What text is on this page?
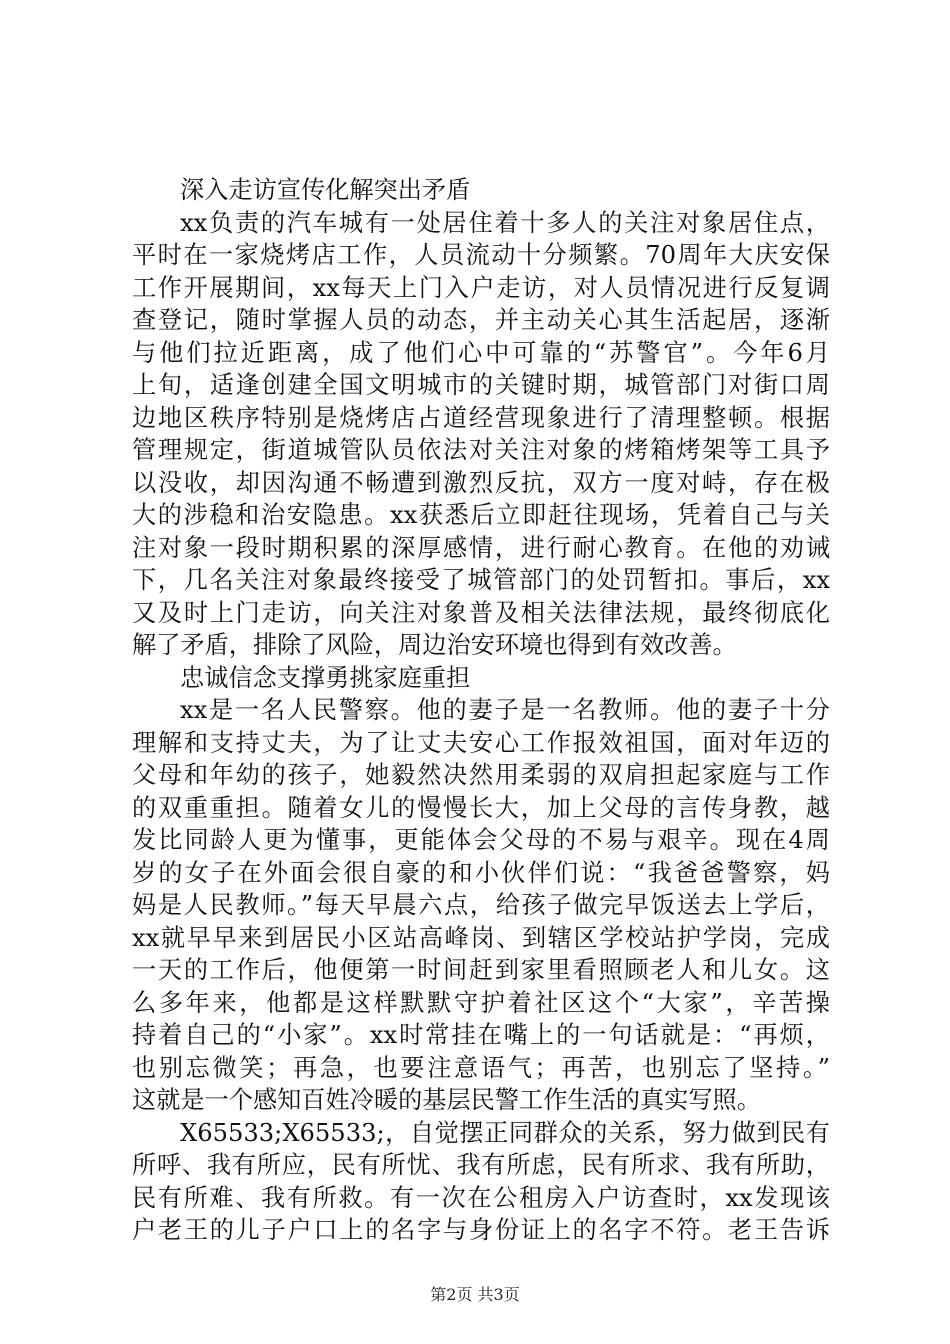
深入走访宣传化解突出矛盾
xx负责的汽车城有一处居住着十多人的关注对象居住点，
平时在一家烧烤店工作，人员流动十分频繁。70周年大庆安保
工作开展期间，xx每天上门入户走访，对人员情况进行反复调
查登记，随时掌握人员的动态，并主动关心其生活起居，逐渐
与他们拉近距离，成了他们心中可靠的“苏警官”。今年6月
上旬，适逢创建全国文明城市的关键时期，城管部门对街口周
边地区秩序特别是烧烤店占道经营现象进行了清理整顿。根据
管理规定，街道城管队员依法对关注对象的烤箱烤架等工具予
以没收，却因沟通不畅遭到激烈反抗，双方一度对峙，存在极
大的涉稳和治安隐患。xx获悉后立即赶往现场，凭着自己与关
注对象一段时期积累的深厚感情，进行耐心教育。在他的劝诫
下，几名关注对象最终接受了城管部门的处罚暂扣。事后，xx
又及时上门走访，向关注对象普及相关法律法规，最终彻底化
解了矛盾，排除了风险，周边治安环境也得到有效改善。
忠诚信念支撑勇挑家庭重担
xx是一名人民警察。他的妻子是一名教师。他的妻子十分
理解和支持丈夫，为了让丈夫安心工作报效祖国，面对年迈的
父母和年幼的孩子，她毅然决然用柔弱的双肩担起家庭与工作
的双重重担。随着女儿的慢慢长大，加上父母的言传身教，越
发比同龄人更为懂事，更能体会父母的不易与艰辛。现在4周
岁的女子在外面会很自豪的和小伙伴们说：“我爸爸警察，妈
妈是人民教师。”每天早晨六点，给孩子做完早饭送去上学后，
xx就早早来到居民小区站高峰岗、到辖区学校站护学岗，完成
一天的工作后，他便第一时间赶到家里看照顾老人和儿女。这
么多年来，他都是这样默默守护着社区这个“大家”，辛苦操
持着自己的“小家”。xx时常挂在嘴上的一句话就是：“再烦，
也别忘微笑；再急，也要注意语气；再苦，也别忘了坚持。”
这就是一个感知百姓冷暖的基层民警工作生活的真实写照。
X65533;X65533;，自觉摆正同群众的关系，努力做到民有
所呼、我有所应，民有所忧、我有所虑，民有所求、我有所助，
民有所难、我有所救。有一次在公租房入户访查时，xx发现该
户老王的儿子户口上的名字与身份证上的名字不符。老王告诉
第2页 共3页
